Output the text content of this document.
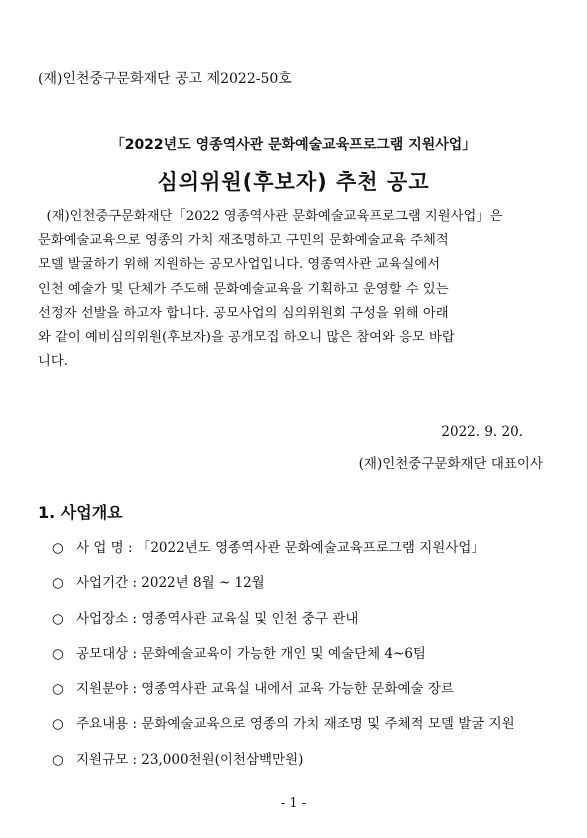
(재)인천중구문화재단 공고 제2022-50호
「2022년도 영종역사관 문화예술교육프로그램 지원사업」
심의위원(후보자) 추천 공고
(재)인천중구문화재단「2022 영종역사관 문화예술교육프로그램 지원사업」은
문화예술교육으로 영종의 가치 재조명하고 구민의 문화예술교육 주체적
모델 발굴하기 위해 지원하는 공모사업입니다. 영종역사관 교육실에서
인천 예술가 및 단체가 주도해 문화예술교육을 기획하고 운영할 수 있는
선정자 선발을 하고자 합니다. 공모사업의 심의위원회 구성을 위해 아래
와 같이 예비심의위원(후보자)을 공개모집 하오니 많은 참여와 응모 바랍
니다.
2022. 9. 20.
(재)인천중구문화재단 대표이사
1. 사업개요
○ 사 업 명 : 「2022년도 영종역사관 문화예술교육프로그램 지원사업」
○ 사업기간 : 2022년 8월 ~ 12월
○ 사업장소 : 영종역사관 교육실 및 인천 중구 관내
○ 공모대상 : 문화예술교육이 가능한 개인 및 예술단체 4~6팀
○ 지원분야 : 영종역사관 교육실 내에서 교육 가능한 문화예술 장르
○ 주요내용 : 문화예술교육으로 영종의 가치 재조명 및 주체적 모델 발굴 지원
○ 지원규모 : 23,000천원(이천삼백만원)
- 1 -
